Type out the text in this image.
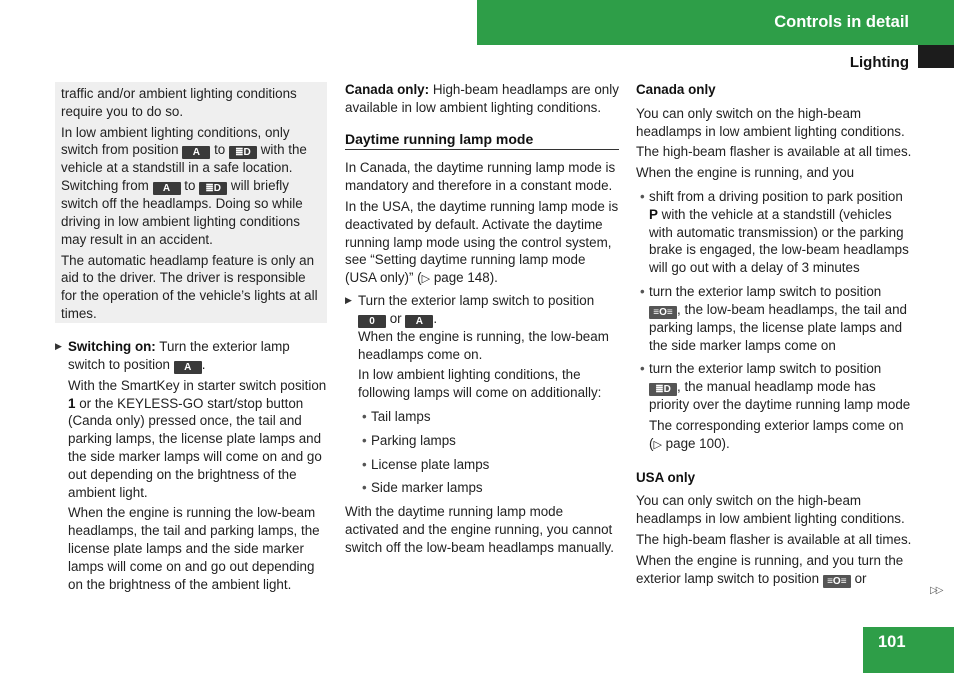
Controls in detail
Lighting

traffic and/or ambient lighting conditions require you to do so.

In low ambient lighting conditions, only switch from position A to ≣D with the vehicle at a standstill in a safe location. Switching from A to ≣D will briefly switch off the headlamps. Doing so while driving in low ambient lighting conditions may result in an accident.

The automatic headlamp feature is only an aid to the driver. The driver is responsible for the operation of the vehicle’s lights at all times.

▶ Switching on: Turn the exterior lamp switch to position A .
With the SmartKey in starter switch position 1 or the KEYLESS-GO start/stop button (Canda only) pressed once, the tail and parking lamps, the license plate lamps and the side marker lamps will come on and go out depending on the brightness of the ambient light.
When the engine is running the low-beam headlamps, the tail and parking lamps, the license plate lamps and the side marker lamps will come on and go out depending on the brightness of the ambient light.

Canada only: High-beam headlamps are only available in low ambient lighting conditions.

Daytime running lamp mode

In Canada, the daytime running lamp mode is mandatory and therefore in a constant mode.

In the USA, the daytime running lamp mode is deactivated by default. Activate the daytime running lamp mode using the control system, see “Setting daytime running lamp mode (USA only)” (▷ page 148).

▶ Turn the exterior lamp switch to position
0 or A .
When the engine is running, the low-beam headlamps come on.
In low ambient lighting conditions, the following lamps will come on additionally:
• Tail lamps
• Parking lamps
• License plate lamps
• Side marker lamps

With the daytime running lamp mode activated and the engine running, you cannot switch off the low-beam headlamps manually.

Canada only

You can only switch on the high-beam headlamps in low ambient lighting conditions.

The high-beam flasher is available at all times.

When the engine is running, and you

• shift from a driving position to park position P with the vehicle at a standstill (vehicles with automatic transmission) or the parking brake is engaged, the low-beam headlamps will go out with a delay of 3 minutes
• turn the exterior lamp switch to position ≡O≡ , the low-beam headlamps, the tail and parking lamps, the license plate lamps and the side marker lamps come on
• turn the exterior lamp switch to position ≣D , the manual headlamp mode has priority over the daytime running lamp mode
The corresponding exterior lamps come on (▷ page 100).

USA only

You can only switch on the high-beam headlamps in low ambient lighting conditions.

The high-beam flasher is available at all times.

When the engine is running, and you turn the exterior lamp switch to position ≡O≡ or

▷▷
101
